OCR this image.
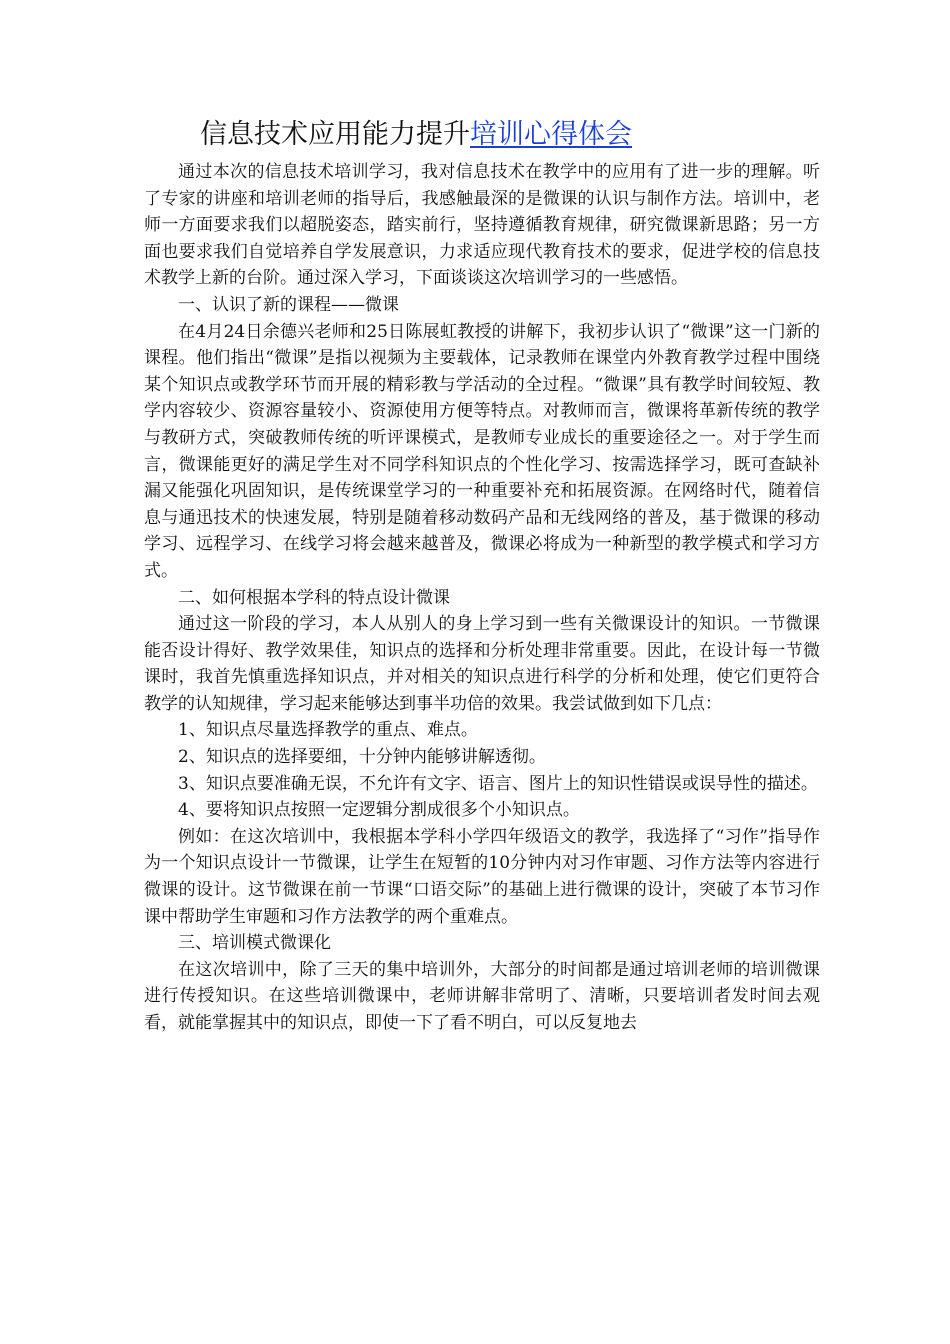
信息技术应用能力提升培训心得体会

通过本次的信息技术培训学习，我对信息技术在教学中的应用有了进一步的理解。听了专家的讲座和培训老师的指导后，我感触最深的是微课的认识与制作方法。培训中，老师一方面要求我们以超脱姿态，踏实前行，坚持遵循教育规律，研究微课新思路；另一方面也要求我们自觉培养自学发展意识，力求适应现代教育技术的要求，促进学校的信息技术教学上新的台阶。通过深入学习，下面谈谈这次培训学习的一些感悟。

一、认识了新的课程——微课

在4月24日余德兴老师和25日陈展虹教授的讲解下，我初步认识了“微课”这一门新的课程。他们指出“微课”是指以视频为主要载体，记录教师在课堂内外教育教学过程中围绕某个知识点或教学环节而开展的精彩教与学活动的全过程。“微课”具有教学时间较短、教学内容较少、资源容量较小、资源使用方便等特点。对教师而言，微课将革新传统的教学与教研方式，突破教师传统的听评课模式，是教师专业成长的重要途径之一。对于学生而言，微课能更好的满足学生对不同学科知识点的个性化学习、按需选择学习，既可查缺补漏又能强化巩固知识，是传统课堂学习的一种重要补充和拓展资源。在网络时代，随着信息与通迅技术的快速发展，特别是随着移动数码产品和无线网络的普及，基于微课的移动学习、远程学习、在线学习将会越来越普及，微课必将成为一种新型的教学模式和学习方式。

二、如何根据本学科的特点设计微课

通过这一阶段的学习，本人从别人的身上学习到一些有关微课设计的知识。一节微课能否设计得好、教学效果佳，知识点的选择和分析处理非常重要。因此，在设计每一节微课时，我首先慎重选择知识点，并对相关的知识点进行科学的分析和处理，使它们更符合教学的认知规律，学习起来能够达到事半功倍的效果。我尝试做到如下几点：

1、知识点尽量选择教学的重点、难点。

2、知识点的选择要细，十分钟内能够讲解透彻。

3、知识点要准确无误，不允许有文字、语言、图片上的知识性错误或误导性的描述。

4、要将知识点按照一定逻辑分割成很多个小知识点。

例如：在这次培训中，我根据本学科小学四年级语文的教学，我选择了“习作”指导作为一个知识点设计一节微课，让学生在短暂的10分钟内对习作审题、习作方法等内容进行微课的设计。这节微课在前一节课“口语交际”的基础上进行微课的设计，突破了本节习作课中帮助学生审题和习作方法教学的两个重难点。

三、培训模式微课化

在这次培训中，除了三天的集中培训外，大部分的时间都是通过培训老师的培训微课进行传授知识。在这些培训微课中，老师讲解非常明了、清晰，只要培训者发时间去观看，就能掌握其中的知识点，即使一下了看不明白，可以反复地去
